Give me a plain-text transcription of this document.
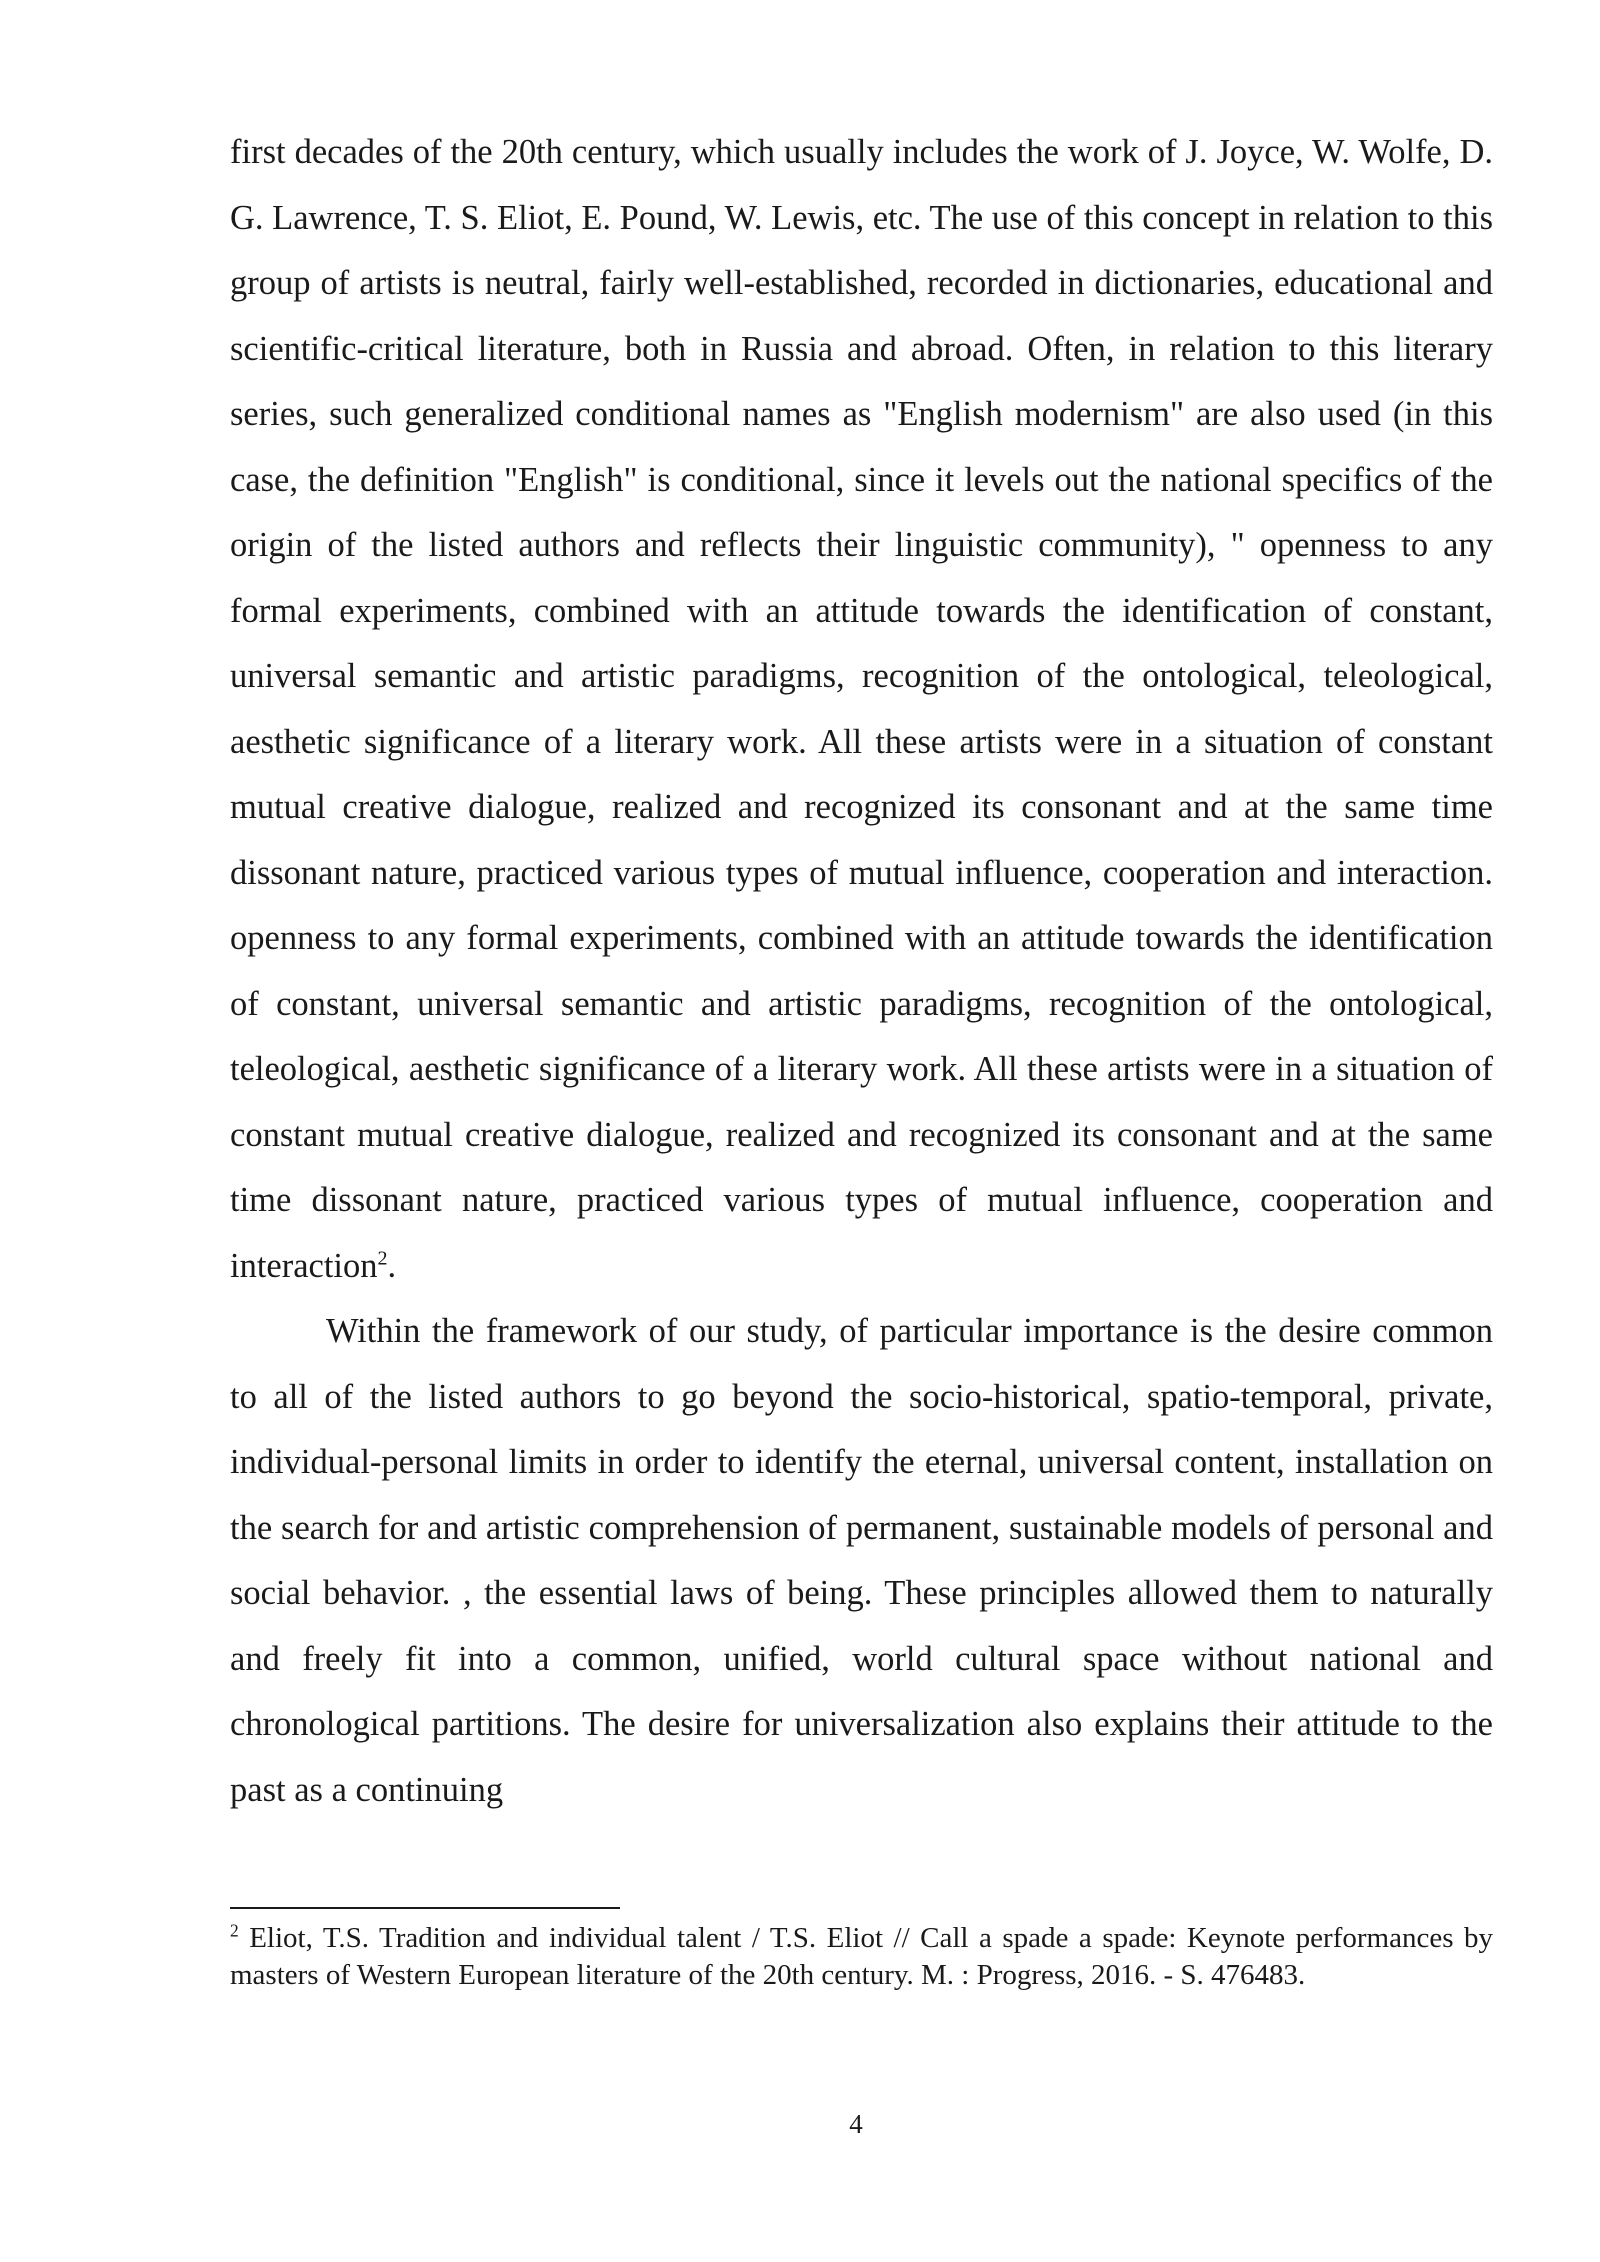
first decades of the 20th century, which usually includes the work of J. Joyce, W. Wolfe, D. G. Lawrence, T. S. Eliot, E. Pound, W. Lewis, etc. The use of this concept in relation to this group of artists is neutral, fairly well-established, recorded in dictionaries, educational and scientific-critical literature, both in Russia and abroad. Often, in relation to this literary series, such generalized conditional names as "English modernism" are also used (in this case, the definition "English" is conditional, since it levels out the national specifics of the origin of the listed authors and reflects their linguistic community), " openness to any formal experiments, combined with an attitude towards the identification of constant, universal semantic and artistic paradigms, recognition of the ontological, teleological, aesthetic significance of a literary work. All these artists were in a situation of constant mutual creative dialogue, realized and recognized its consonant and at the same time dissonant nature, practiced various types of mutual influence, cooperation and interaction. openness to any formal experiments, combined with an attitude towards the identification of constant, universal semantic and artistic paradigms, recognition of the ontological, teleological, aesthetic significance of a literary work. All these artists were in a situation of constant mutual creative dialogue, realized and recognized its consonant and at the same time dissonant nature, practiced various types of mutual influence, cooperation and interaction$^2$.

Within the framework of our study, of particular importance is the desire common to all of the listed authors to go beyond the socio-historical, spatio-temporal, private, individual-personal limits in order to identify the eternal, universal content, installation on the search for and artistic comprehension of permanent, sustainable models of personal and social behavior. , the essential laws of being. These principles allowed them to naturally and freely fit into a common, unified, world cultural space without national and chronological partitions. The desire for universalization also explains their attitude to the past as a continuing

$^2$ Eliot, T.S. Tradition and individual talent / T.S. Eliot // Call a spade a spade: Keynote performances by masters of Western European literature of the 20th century. M. : Progress, 2016. - S. 476483.

4
